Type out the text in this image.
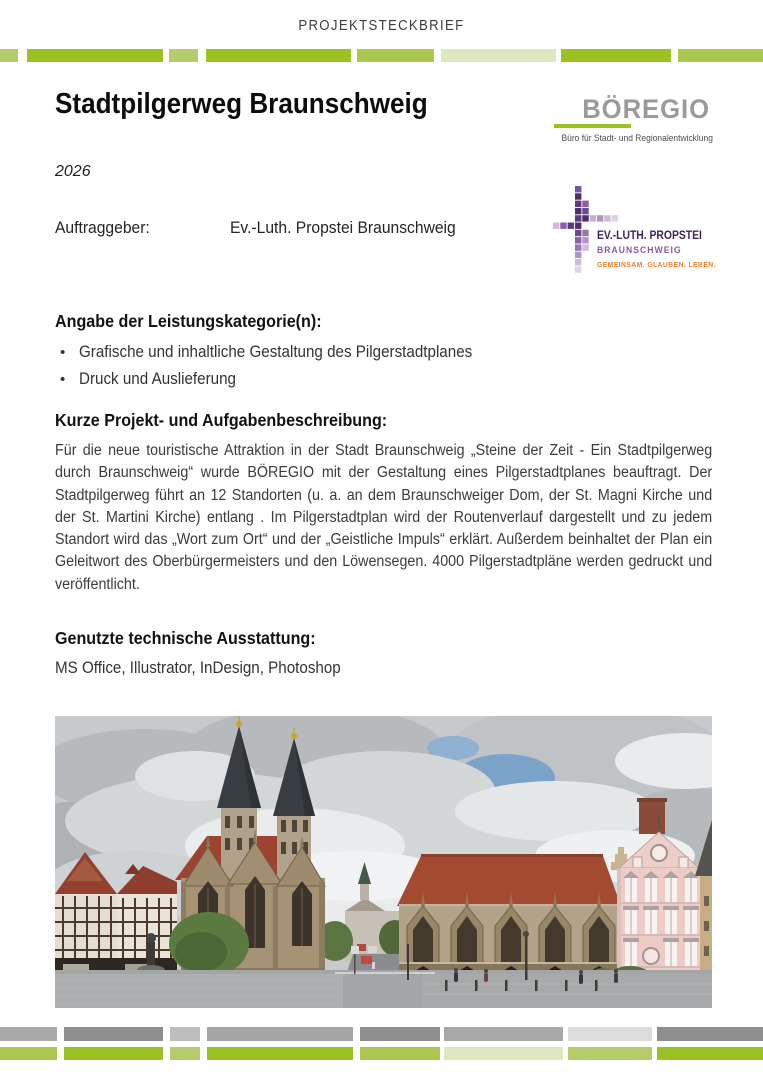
PROJEKTSTECKBRIEF
Stadtpilgerweg Braunschweig	BÖREGIO
Büro für Stadt- und Regionalentwicklung
2026
Auftraggeber:	Ev.-Luth. Propstei Braunschweig	EV.-LUTH. PROPSTEI
BRAUNSCHWEIG
GEMEINSAM. GLAUBEN. LEBEN.
Angabe der Leistungskategorie(n):
• Grafische und inhaltliche Gestaltung des Pilgerstadtplanes
• Druck und Auslieferung
Kurze Projekt- und Aufgabenbeschreibung:

Für die neue touristische Attraktion in der Stadt Braunschweig „Steine der Zeit - Ein Stadtpilgerweg durch Braunschweig“ wurde BÖREGIO mit der Gestaltung eines Pilgerstadtplanes beauftragt. Der Stadtpilgerweg führt an 12 Standorten (u. a. an dem Braunschweiger Dom, der St. Magni Kirche und der St. Martini Kirche) entlang . Im Pilgerstadtplan wird der Routenverlauf dargestellt und zu jedem Standort wird das „Wort zum Ort“ und der „Geistliche Impuls“ erklärt. Außerdem beinhaltet der Plan ein Geleitwort des Oberbürgermeisters und den Löwensegen. 4000 Pilgerstadtpläne werden gedruckt und veröffentlicht.

Genutzte technische Ausstattung:
MS Office, Illustrator, InDesign, Photoshop
